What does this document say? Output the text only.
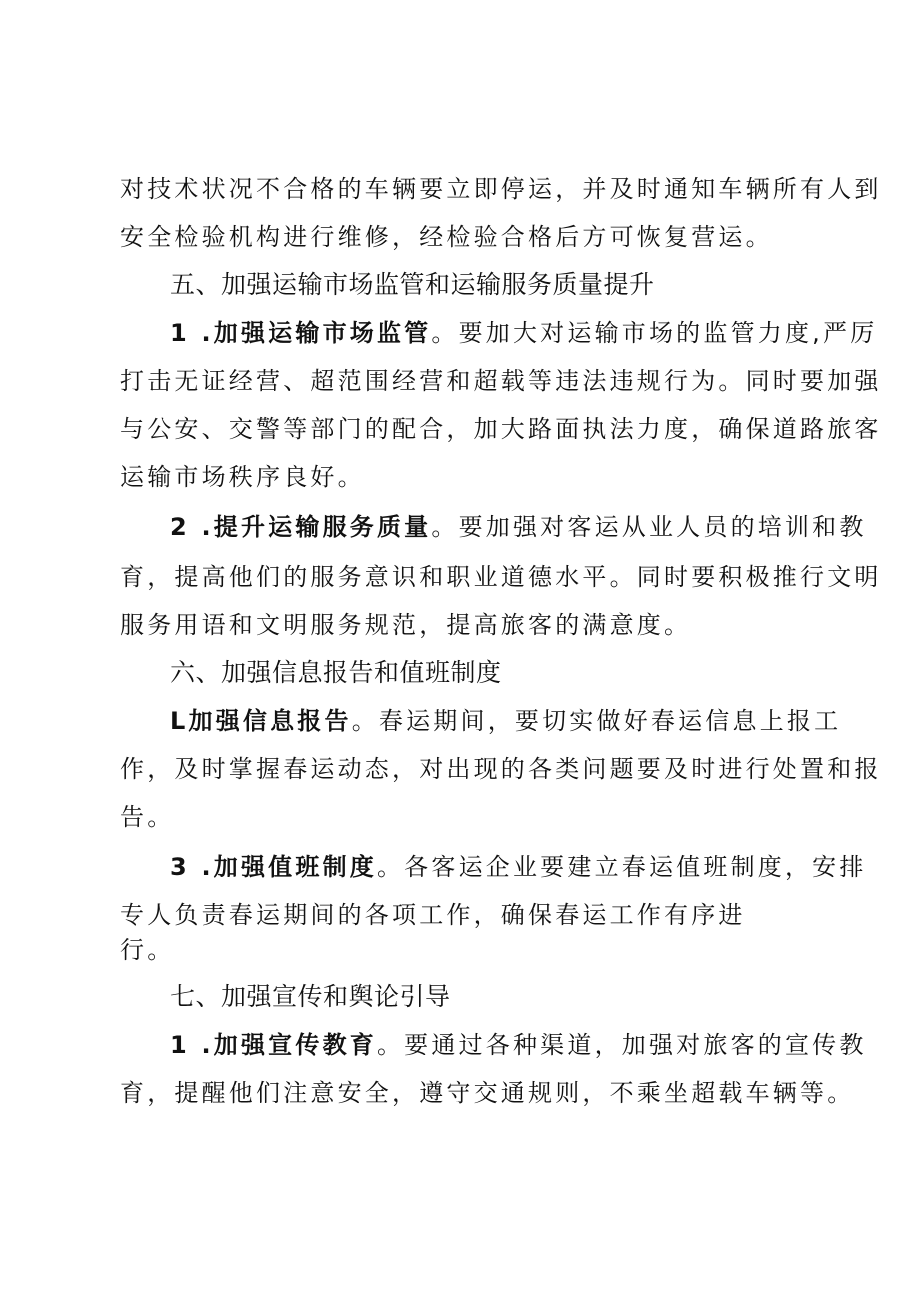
对技术状况不合格的车辆要立即停运，并及时通知车辆所有人到
安全检验机构进行维修，经检验合格后方可恢复营运。
五、加强运输市场监管和运输服务质量提升
1 .加强运输市场监管。要加大对运输市场的监管力度,严厉
打击无证经营、超范围经营和超载等违法违规行为。同时要加强
与公安、交警等部门的配合，加大路面执法力度，确保道路旅客
运输市场秩序良好。
2 .提升运输服务质量。要加强对客运从业人员的培训和教
育，提高他们的服务意识和职业道德水平。同时要积极推行文明
服务用语和文明服务规范，提高旅客的满意度。
六、加强信息报告和值班制度
L加强信息报告。春运期间，要切实做好春运信息上报工
作，及时掌握春运动态，对出现的各类问题要及时进行处置和报
告。
3 .加强值班制度。各客运企业要建立春运值班制度，安排
专人负责春运期间的各项工作，确保春运工作有序进
行。
七、加强宣传和舆论引导
1 .加强宣传教育。要通过各种渠道，加强对旅客的宣传教
育，提醒他们注意安全，遵守交通规则，不乘坐超载车辆等。
